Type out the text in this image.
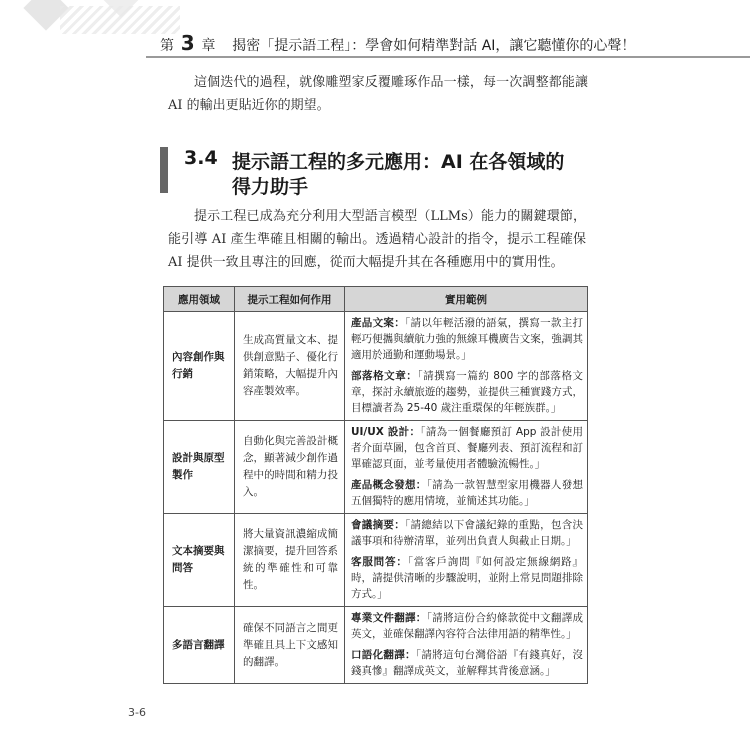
第 3 章 揭密「提示語工程」：學會如何精準對話 AI，讓它聽懂你的心聲！

這個迭代的過程，就像雕塑家反覆雕琢作品一樣，每一次調整都能讓 AI 的輸出更貼近你的期望。

3.4 提示語工程的多元應用：AI 在各領域的
得力助手

提示工程已成為充分利用大型語言模型（LLMs）能力的關鍵環節，能引導 AI 產生準確且相關的輸出。透過精心設計的指令，提示工程確保 AI 提供一致且專注的回應，從而大幅提升其在各種應用中的實用性。

應用領域	提示工程如何作用	實用範例
內容創作與行銷	生成高質量文本、提供創意點子、優化行銷策略，大幅提升內容產製效率。	產品文案：「請以年輕活潑的語氣，撰寫一款主打輕巧便攜與續航力強的無線耳機廣告文案，強調其適用於通勤和運動場景。」
部落格文章：「請撰寫一篇約 800 字的部落格文章，探討永續旅遊的趨勢，並提供三種實踐方式，目標讀者為 25-40 歲注重環保的年輕族群。」

設計與原型製作	自動化與完善設計概念，顯著減少創作過程中的時間和精力投入。	UI/UX 設計：「請為一個餐廳預訂 App 設計使用者介面草圖，包含首頁、餐廳列表、預訂流程和訂單確認頁面，並考量使用者體驗流暢性。」
產品概念發想：「請為一款智慧型家用機器人發想五個獨特的應用情境，並簡述其功能。」

文本摘要與問答	將大量資訊濃縮成簡潔摘要，提升回答系統的準確性和可靠性。	會議摘要：「請總結以下會議紀錄的重點，包含決議事項和待辦清單，並列出負責人與截止日期。」
客服問答：「當客戶詢問『如何設定無線網路』時，請提供清晰的步驟說明，並附上常見問題排除方式。」

多語言翻譯	確保不同語言之間更準確且具上下文感知的翻譯。	專業文件翻譯：「請將這份合約條款從中文翻譯成英文，並確保翻譯內容符合法律用語的精準性。」
口語化翻譯：「請將這句台灣俗語『有錢真好，沒錢真慘』翻譯成英文，並解釋其背後意涵。」
3-6
